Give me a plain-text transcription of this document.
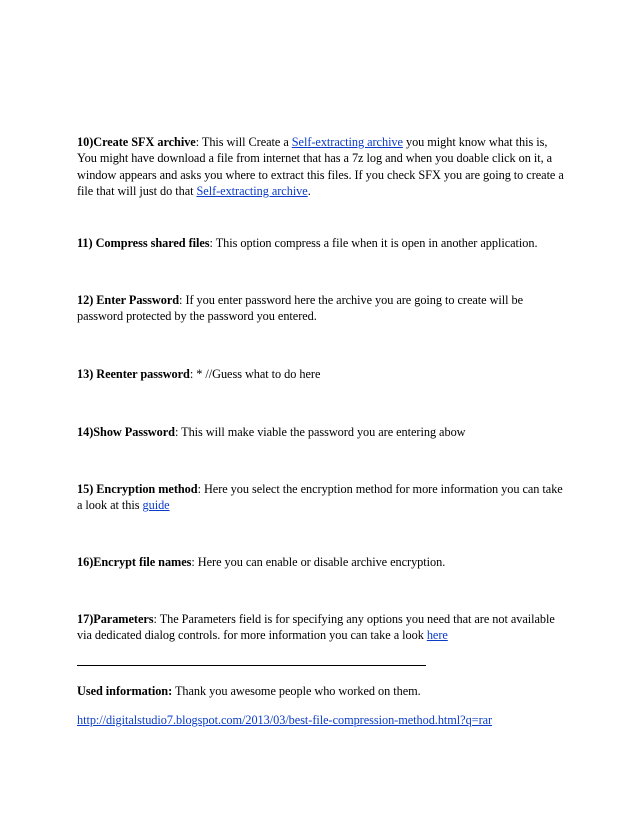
10)Create SFX archive: This will Create a Self-extracting archive you might know what this is, You might have download a file from internet that has a 7z log and when you doable click on it, a window appears and asks you where to extract this files. If you check SFX you are going to create a file that will just do that Self-extracting archive.

11) Compress shared files: This option compress a file when it is open in another application.

12) Enter Password: If you enter password here the archive you are going to create will be password protected by the password you entered.

13) Reenter password: * //Guess what to do here

14)Show Password: This will make viable the password you are entering abow

15) Encryption method: Here you select the encryption method for more information you can take a look at this guide

16)Encrypt file names: Here you can enable or disable archive encryption.

17)Parameters: The Parameters field is for specifying any options you need that are not available via dedicated dialog controls. for more information you can take a look here

Used information: Thank you awesome people who worked on them.

http://digitalstudio7.blogspot.com/2013/03/best-file-compression-method.html?q=rar
